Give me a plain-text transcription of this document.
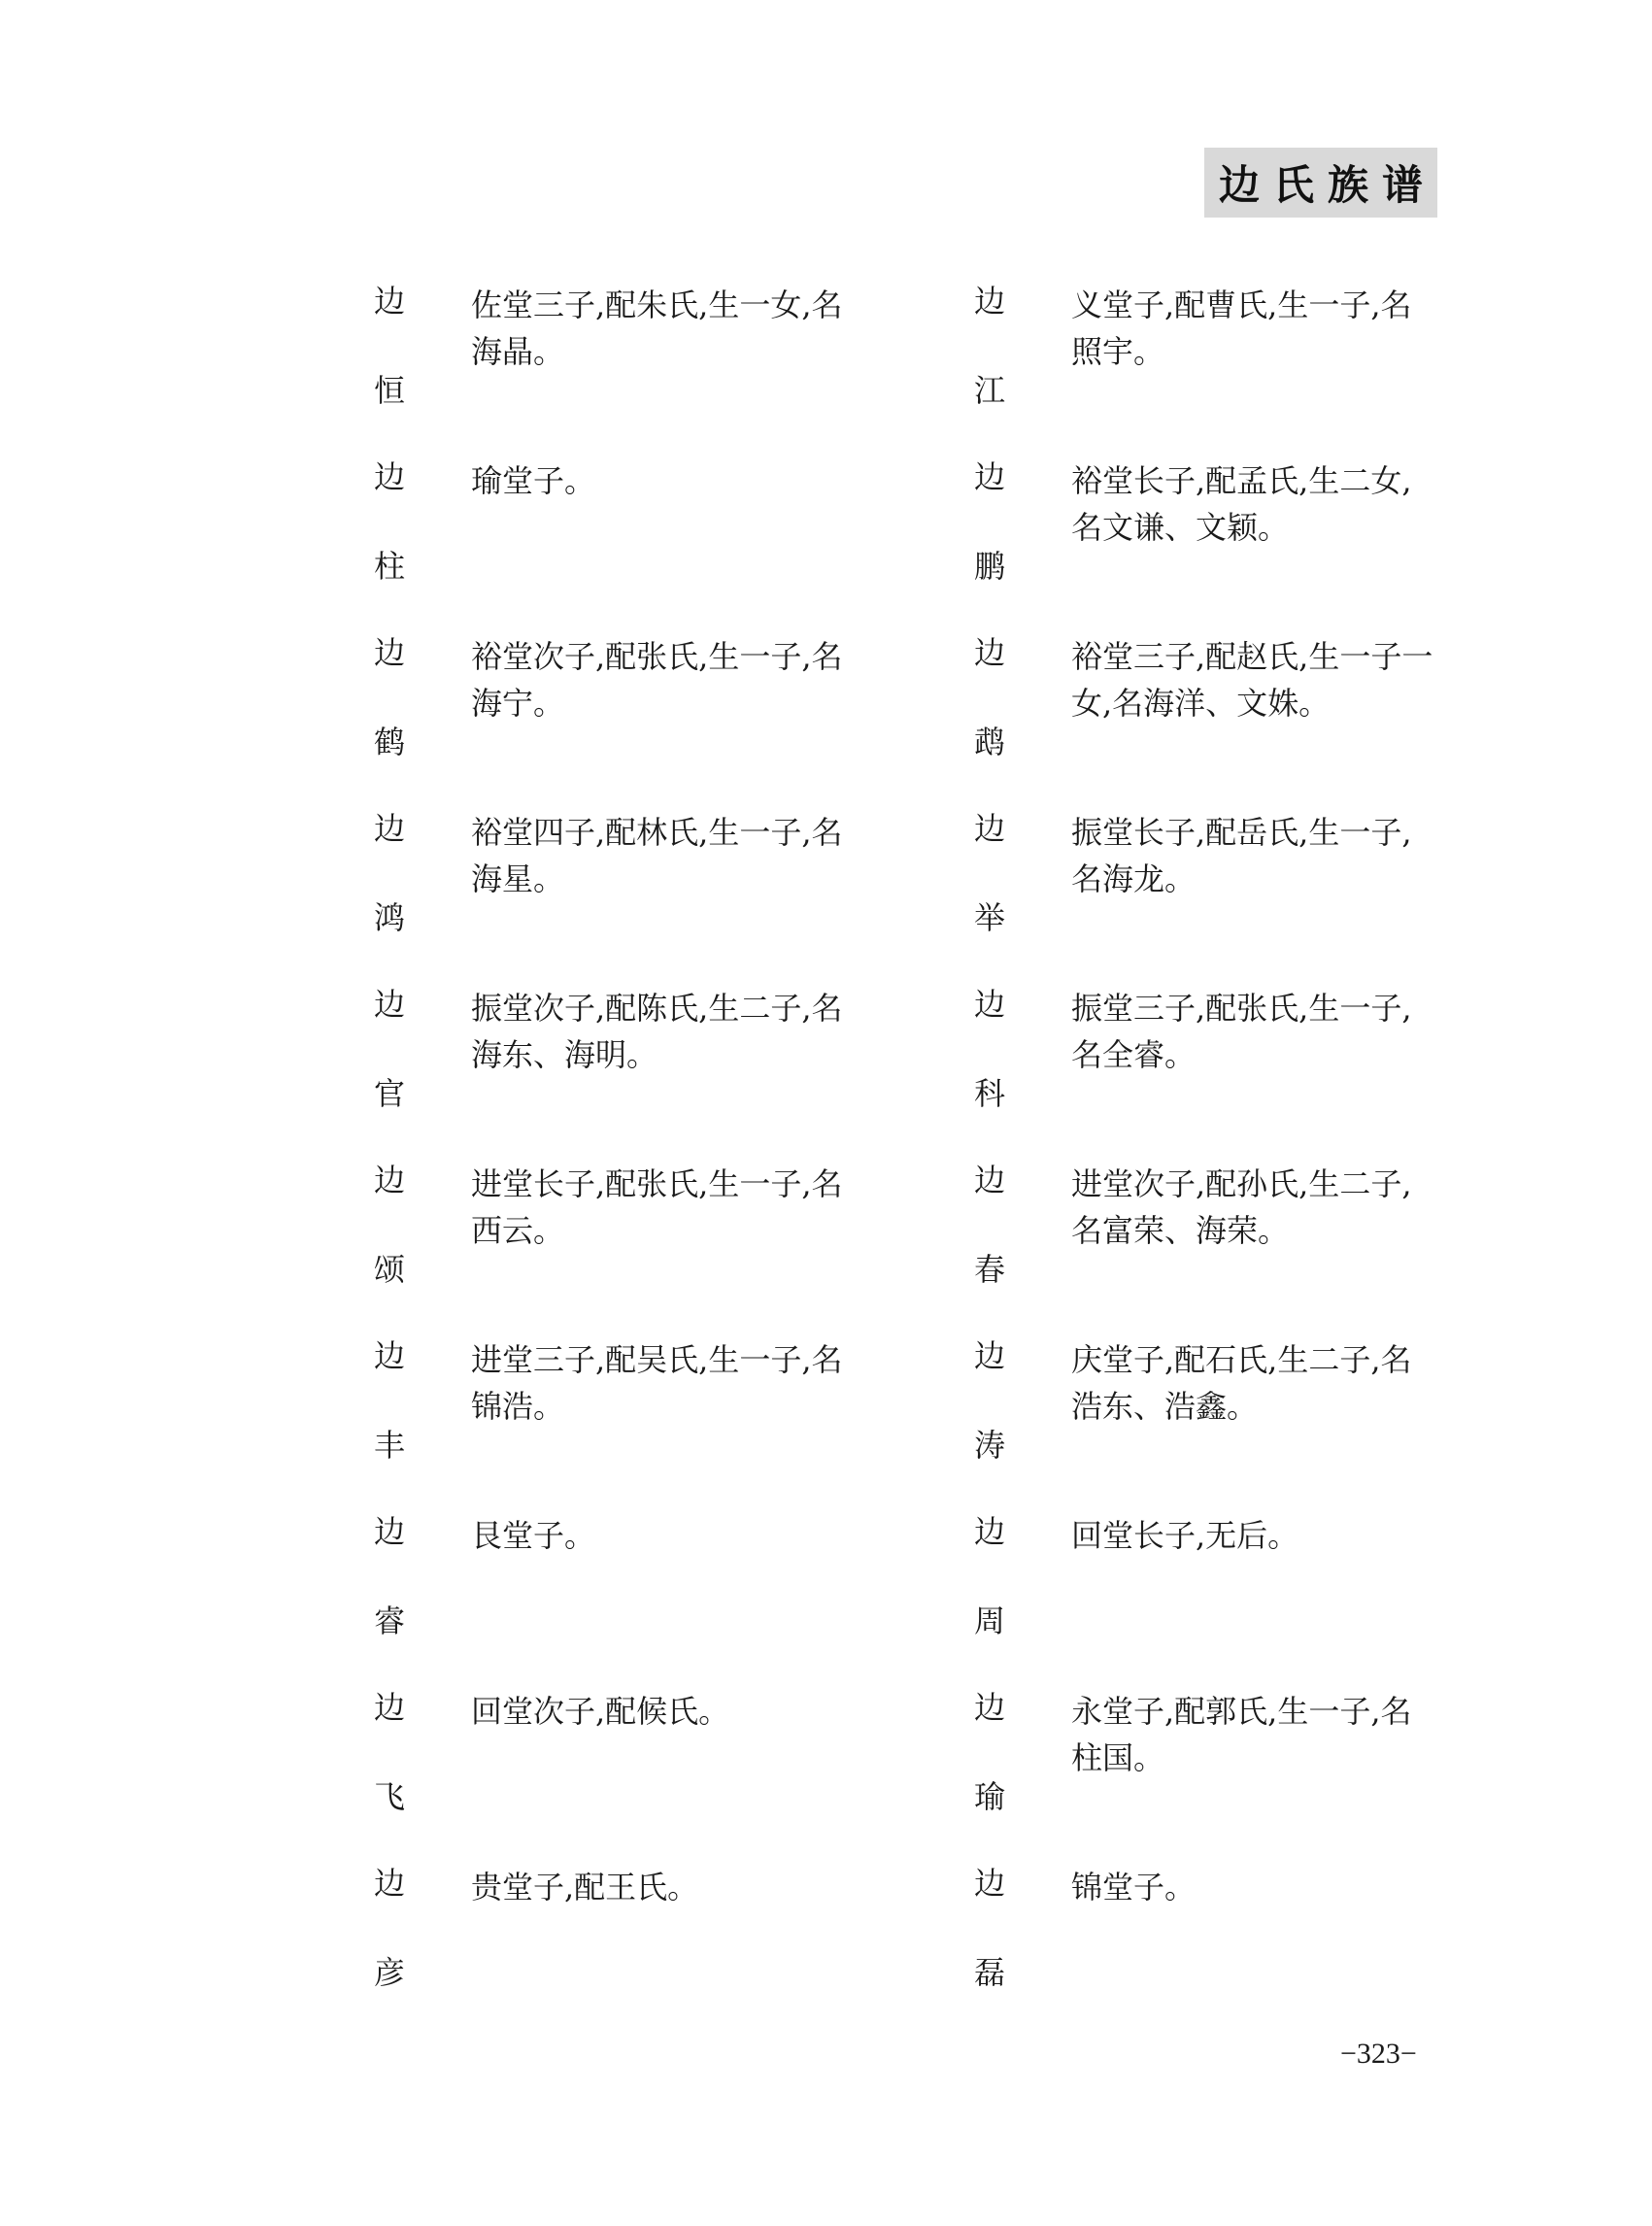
边氏族谱
边
恒
佐堂三子,配朱氏,生一女,名
海晶。
边
柱
瑜堂子。
边
鹤
裕堂次子,配张氏,生一子,名
海宁。
边
鸿
裕堂四子,配林氏,生一子,名
海星。
边
官
振堂次子,配陈氏,生二子,名
海东、海明。
边
颂
进堂长子,配张氏,生一子,名
西云。
边
丰
进堂三子,配吴氏,生一子,名
锦浩。
边
睿
艮堂子。
边
飞
回堂次子,配候氏。
边
彦
贵堂子,配王氏。
边
江
义堂子,配曹氏,生一子,名
照宇。
边
鹏
裕堂长子,配孟氏,生二女,
名文谦、文颖。
边
鹉
裕堂三子,配赵氏,生一子一
女,名海洋、文姝。
边
举
振堂长子,配岳氏,生一子,
名海龙。
边
科
振堂三子,配张氏,生一子,
名全睿。
边
春
进堂次子,配孙氏,生二子,
名富荣、海荣。
边
涛
庆堂子,配石氏,生二子,名
浩东、浩鑫。
边
周
回堂长子,无后。
边
瑜
永堂子,配郭氏,生一子,名
柱国。
边
磊
锦堂子。
−323−
